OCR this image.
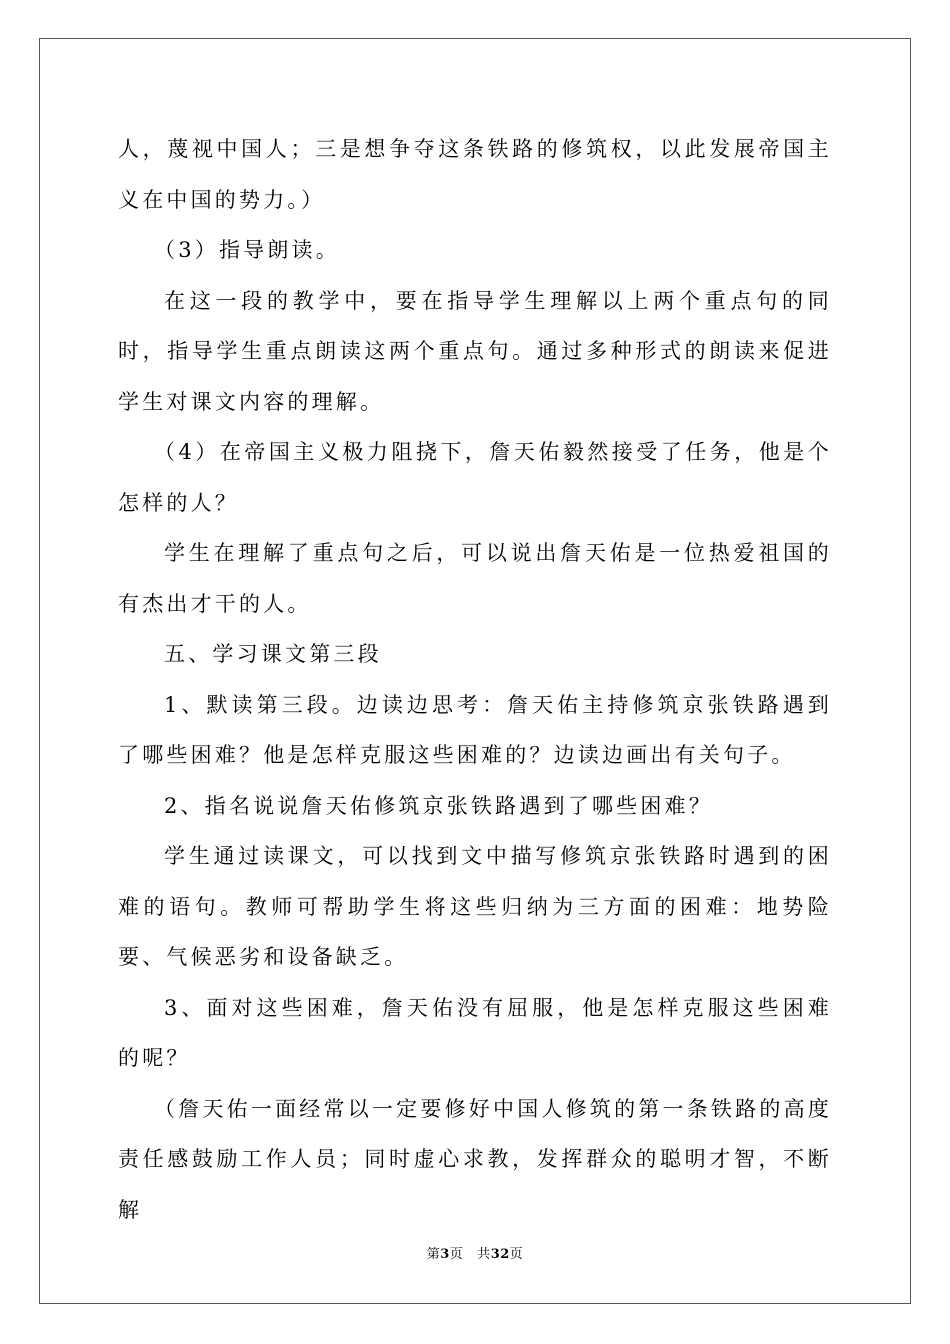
人，蔑视中国人；三是想争夺这条铁路的修筑权，以此发展帝国主义在中国的势力。）

（3）指导朗读。

在这一段的教学中，要在指导学生理解以上两个重点句的同时，指导学生重点朗读这两个重点句。通过多种形式的朗读来促进学生对课文内容的理解。

（4）在帝国主义极力阻挠下，詹天佑毅然接受了任务，他是个怎样的人？

学生在理解了重点句之后，可以说出詹天佑是一位热爱祖国的有杰出才干的人。

五、学习课文第三段

1、默读第三段。边读边思考：詹天佑主持修筑京张铁路遇到了哪些困难？他是怎样克服这些困难的？边读边画出有关句子。

2、指名说说詹天佑修筑京张铁路遇到了哪些困难？

学生通过读课文，可以找到文中描写修筑京张铁路时遇到的困难的语句。教师可帮助学生将这些归纳为三方面的困难：地势险要、气候恶劣和设备缺乏。

3、面对这些困难，詹天佑没有屈服，他是怎样克服这些困难的呢？

（詹天佑一面经常以一定要修好中国人修筑的第一条铁路的高度责任感鼓励工作人员；同时虚心求教，发挥群众的聪明才智，不断解

第3页 共32页
